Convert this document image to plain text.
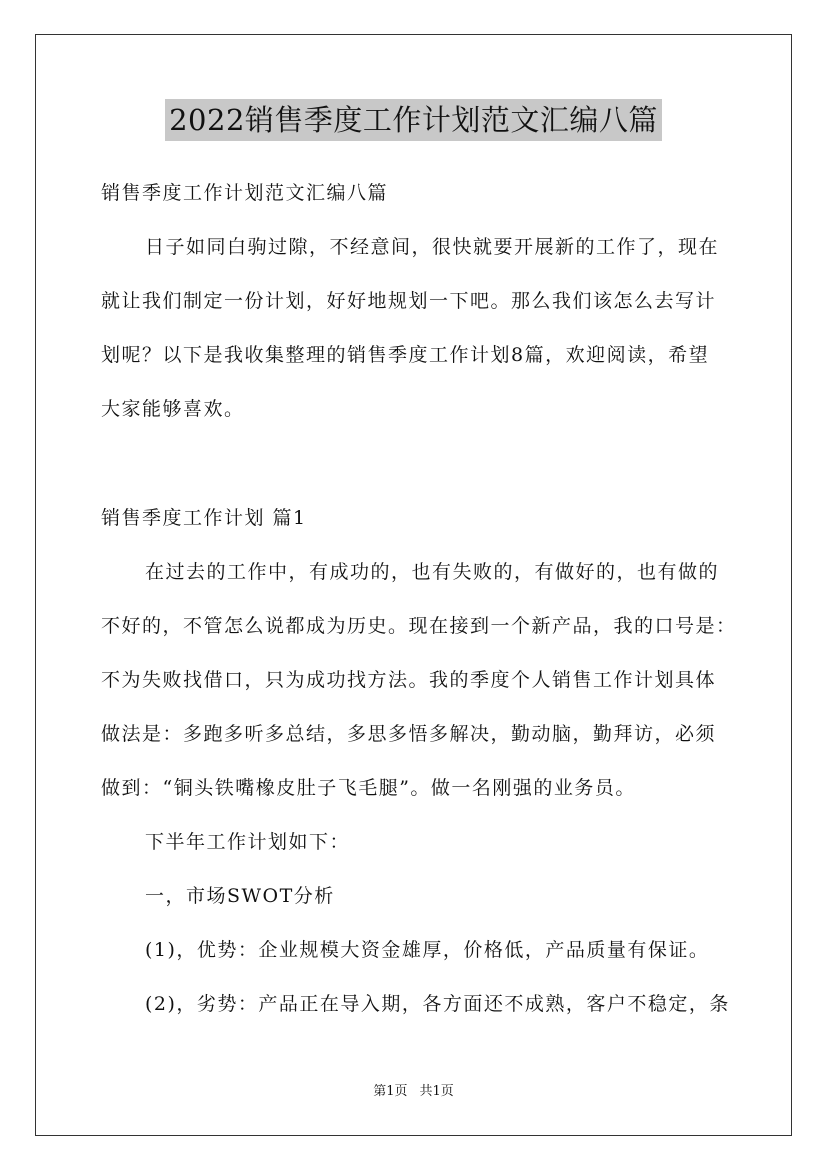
2022销售季度工作计划范文汇编八篇
销售季度工作计划范文汇编八篇
日子如同白驹过隙，不经意间，很快就要开展新的工作了，现在
就让我们制定一份计划，好好地规划一下吧。那么我们该怎么去写计
划呢？以下是我收集整理的销售季度工作计划8篇，欢迎阅读，希望
大家能够喜欢。
销售季度工作计划 篇1
在过去的工作中，有成功的，也有失败的，有做好的，也有做的
不好的，不管怎么说都成为历史。现在接到一个新产品，我的口号是：
不为失败找借口，只为成功找方法。我的季度个人销售工作计划具体
做法是：多跑多听多总结，多思多悟多解决，勤动脑，勤拜访，必须
做到：“铜头铁嘴橡皮肚子飞毛腿”。做一名刚强的业务员。
下半年工作计划如下：
一，市场SWOT分析
(1)，优势：企业规模大资金雄厚，价格低，产品质量有保证。
(2)，劣势：产品正在导入期，各方面还不成熟，客户不稳定，条
第1页 共1页
